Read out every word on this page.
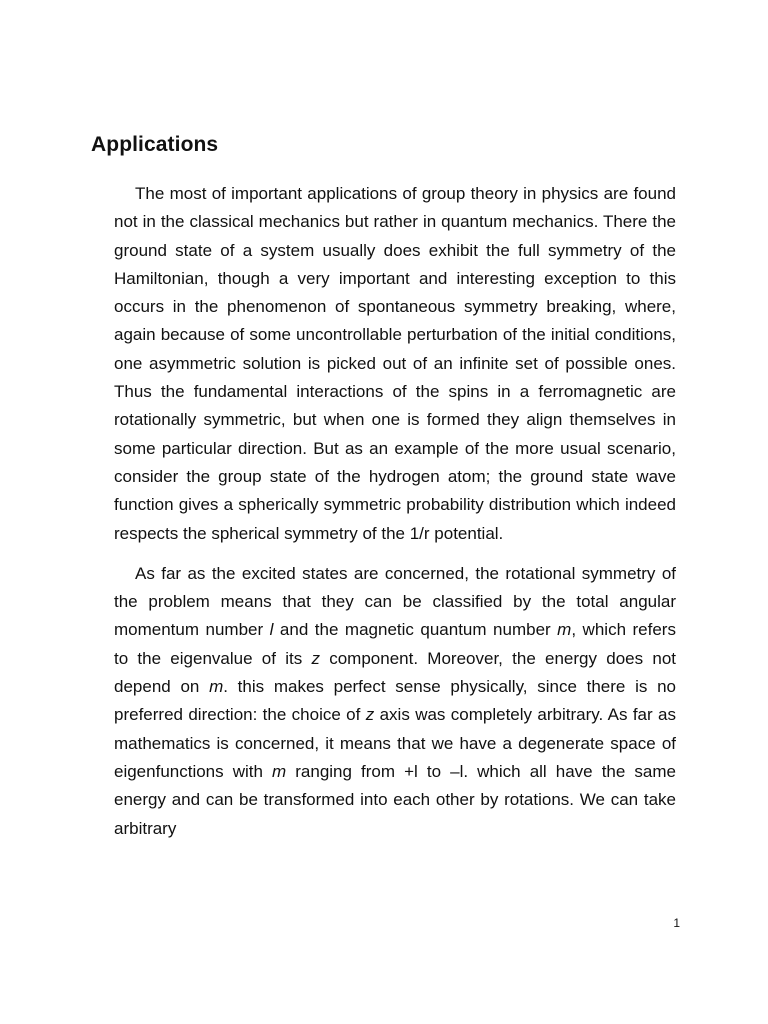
Applications

The most of important applications of group theory in physics are found not in the classical mechanics but rather in quantum mechanics. There the ground state of a system usually does exhibit the full symmetry of the Hamiltonian, though a very important and interesting exception to this occurs in the phenomenon of spontaneous symmetry breaking, where, again because of some uncontrollable perturbation of the initial conditions, one asymmetric solution is picked out of an infinite set of possible ones. Thus the fundamental interactions of the spins in a ferromagnetic are rotationally symmetric, but when one is formed they align themselves in some particular direction. But as an example of the more usual scenario, consider the group state of the hydrogen atom; the ground state wave function gives a spherically symmetric probability distribution which indeed respects the spherical symmetry of the 1/r potential.

As far as the excited states are concerned, the rotational symmetry of the problem means that they can be classified by the total angular momentum number l and the magnetic quantum number m, which refers to the eigenvalue of its z component. Moreover, the energy does not depend on m. this makes perfect sense physically, since there is no preferred direction: the choice of z axis was completely arbitrary. As far as mathematics is concerned, it means that we have a degenerate space of eigenfunctions with m ranging from +l to –l. which all have the same energy and can be transformed into each other by rotations. We can take arbitrary

1
